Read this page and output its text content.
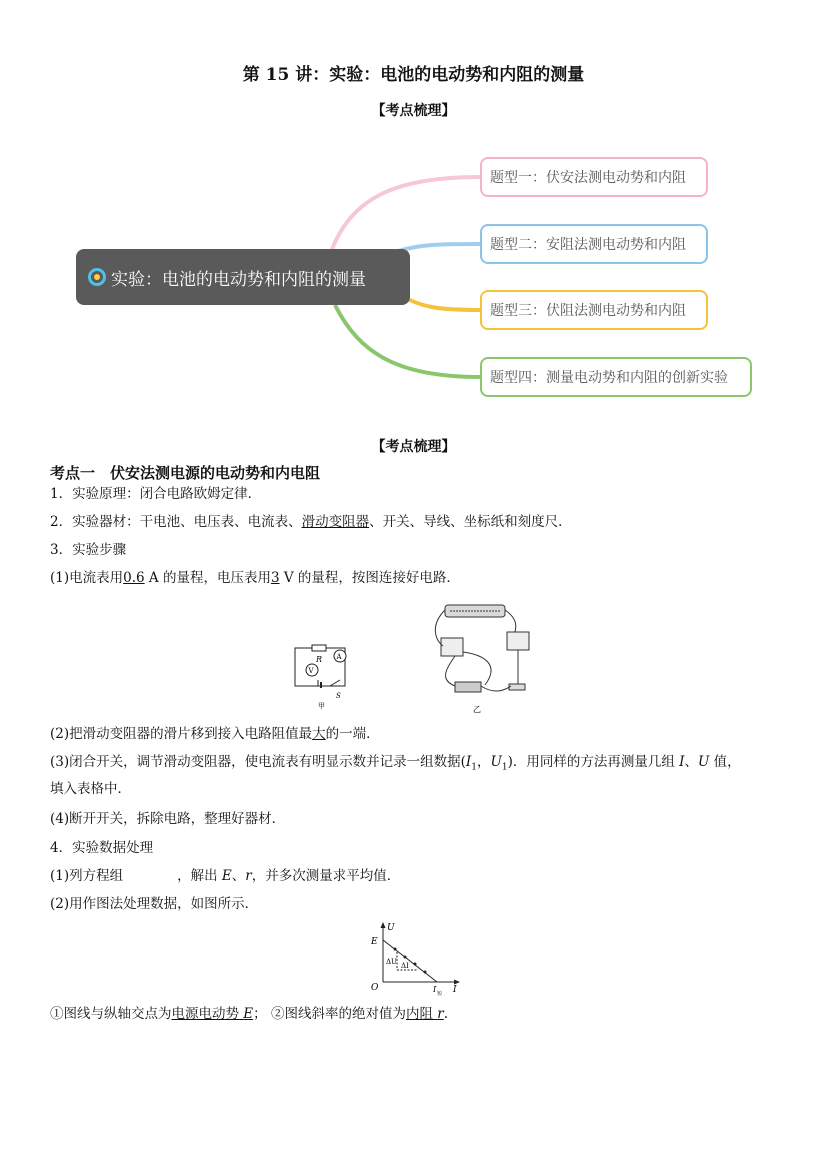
第 15 讲：实验：电池的电动势和内阻的测量
【考点梳理】
实验：电池的电动势和内阻的测量
题型一：伏安法测电动势和内阻
题型二：安阻法测电动势和内阻
题型三：伏阻法测电动势和内阻
题型四：测量电动势和内阻的创新实验
【考点梳理】
考点一　伏安法测电源的电动势和内电阻
1．实验原理：闭合电路欧姆定律．
2．实验器材：干电池、电压表、电流表、滑动变阻器、开关、导线、坐标纸和刻度尺．
3．实验步骤
(1)电流表用0.6 A 的量程，电压表用3 V 的量程，按图连接好电路．
R A
V
S
甲	乙
(2)把滑动变阻器的滑片移到接入电路阻值最大的一端．
(3)闭合开关，调节滑动变阻器，使电流表有明显示数并记录一组数据($I_1$，$U_1$)．用同样的方法再测量几组 I、U 值，
填入表格中．
(4)断开开关，拆除电路，整理好器材．
4．实验数据处理
(1)列方程组	，解出 E、r，并多次测量求平均值．
(2)用作图法处理数据，如图所示．
U
E
O	I
ΔU ΔI
I 短
①图线与纵轴交点为电源电动势 E； ②图线斜率的绝对值为内阻 r.
